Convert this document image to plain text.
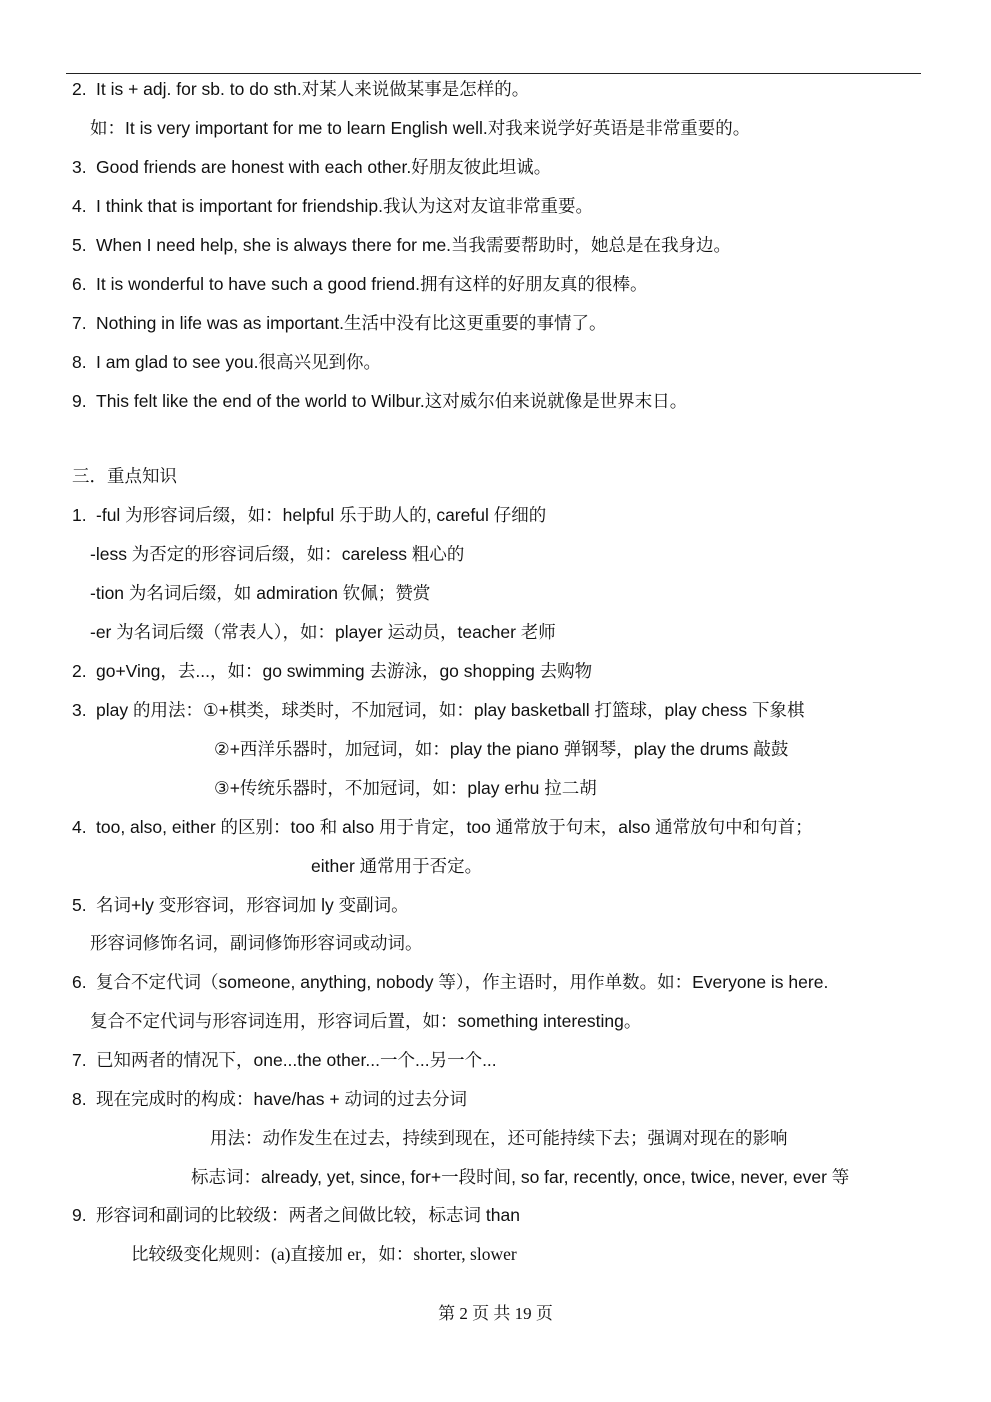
2. It is + adj. for sb. to do sth.对某人来说做某事是怎样的。
如：It is very important for me to learn English well.对我来说学好英语是非常重要的。
3. Good friends are honest with each other.好朋友彼此坦诚。
4. I think that is important for friendship.我认为这对友谊非常重要。
5. When I need help, she is always there for me.当我需要帮助时，她总是在我身边。
6. It is wonderful to have such a good friend.拥有这样的好朋友真的很棒。
7. Nothing in life was as important.生活中没有比这更重要的事情了。
8. I am glad to see you.很高兴见到你。
9. This felt like the end of the world to Wilbur.这对威尔伯来说就像是世界末日。
三．重点知识
1. -ful 为形容词后缀，如：helpful 乐于助人的, careful 仔细的
-less 为否定的形容词后缀，如：careless 粗心的
-tion 为名词后缀，如 admiration 钦佩；赞赏
-er 为名词后缀（常表人），如：player 运动员，teacher 老师
2. go+Ving，去...，如：go swimming 去游泳，go shopping 去购物
3. play 的用法：①+棋类，球类时，不加冠词，如：play basketball 打篮球，play chess 下象棋
②+西洋乐器时，加冠词，如：play the piano 弹钢琴，play the drums 敲鼓
③+传统乐器时，不加冠词，如：play erhu 拉二胡
4. too, also, either 的区别：too 和 also 用于肯定，too 通常放于句末，also 通常放句中和句首；
either 通常用于否定。
5. 名词+ly 变形容词，形容词加 ly 变副词。
形容词修饰名词，副词修饰形容词或动词。
6. 复合不定代词（someone, anything, nobody 等），作主语时，用作单数。如：Everyone is here.
复合不定代词与形容词连用，形容词后置，如：something interesting。
7. 已知两者的情况下，one...the other...一个...另一个...
8. 现在完成时的构成：have/has + 动词的过去分词
用法：动作发生在过去，持续到现在，还可能持续下去；强调对现在的影响
标志词：already, yet, since, for+一段时间, so far, recently, once, twice, never, ever 等
9. 形容词和副词的比较级：两者之间做比较，标志词 than
比较级变化规则：(a)直接加 er，如：shorter, slower
第 2 页 共 19 页
